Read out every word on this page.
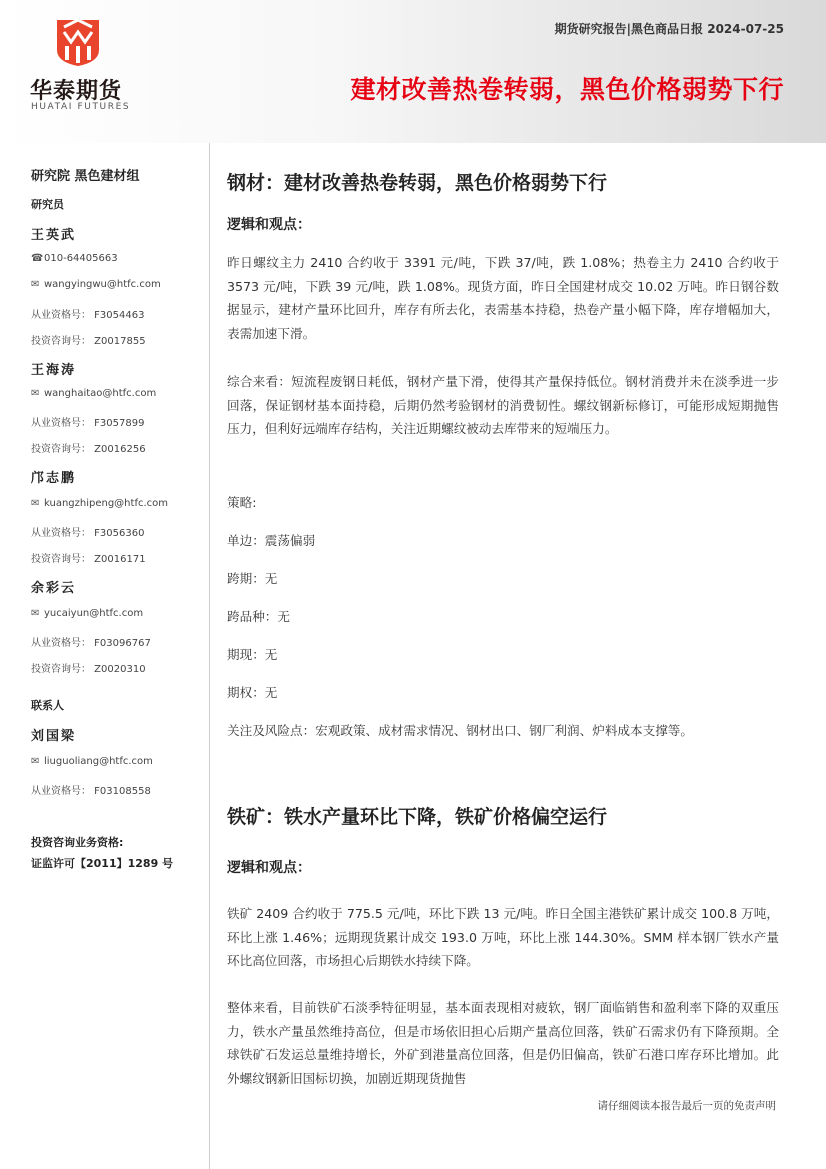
华泰期货
HUATAI FUTURES
期货研究报告|黑色商品日报 2024-07-25
建材改善热卷转弱，黑色价格弱势下行
研究院 黑色建材组
研究员
王英武
☎010-64405663
✉ wangyingwu@htfc.com
从业资格号： F3054463
投资咨询号： Z0017855
王海涛
✉ wanghaitao@htfc.com
从业资格号： F3057899
投资咨询号： Z0016256
邝志鹏
✉ kuangzhipeng@htfc.com
从业资格号： F3056360
投资咨询号： Z0016171
余彩云
✉ yucaiyun@htfc.com
从业资格号： F03096767
投资咨询号： Z0020310
联系人
刘国梁
✉ liuguoliang@htfc.com
从业资格号： F03108558
投资咨询业务资格:
证监许可【2011】1289 号
钢材：建材改善热卷转弱，黑色价格弱势下行
逻辑和观点：
昨日螺纹主力 2410 合约收于 3391 元/吨，下跌 37/吨，跌 1.08%；热卷主力 2410 合约收于 3573 元/吨，下跌 39 元/吨，跌 1.08%。现货方面，昨日全国建材成交 10.02 万吨。昨日钢谷数据显示，建材产量环比回升，库存有所去化，表需基本持稳，热卷产量小幅下降，库存增幅加大，表需加速下滑。
综合来看：短流程废钢日耗低，钢材产量下滑，使得其产量保持低位。钢材消费并未在淡季进一步回落，保证钢材基本面持稳，后期仍然考验钢材的消费韧性。螺纹钢新标修订，可能形成短期抛售压力，但利好远端库存结构，关注近期螺纹被动去库带来的短端压力。
策略:
单边：震荡偏弱
跨期：无
跨品种：无
期现：无
期权：无
关注及风险点：宏观政策、成材需求情况、钢材出口、钢厂利润、炉料成本支撑等。
铁矿：铁水产量环比下降，铁矿价格偏空运行
逻辑和观点：
铁矿 2409 合约收于 775.5 元/吨，环比下跌 13 元/吨。昨日全国主港铁矿累计成交 100.8 万吨，环比上涨 1.46%；远期现货累计成交 193.0 万吨，环比上涨 144.30%。SMM 样本钢厂铁水产量环比高位回落，市场担心后期铁水持续下降。
整体来看，目前铁矿石淡季特征明显，基本面表现相对疲软，钢厂面临销售和盈利率下降的双重压力，铁水产量虽然维持高位，但是市场依旧担心后期产量高位回落，铁矿石需求仍有下降预期。全球铁矿石发运总量维持增长，外矿到港量高位回落，但是仍旧偏高，铁矿石港口库存环比增加。此外螺纹钢新旧国标切换，加剧近期现货抛售
请仔细阅读本报告最后一页的免责声明
